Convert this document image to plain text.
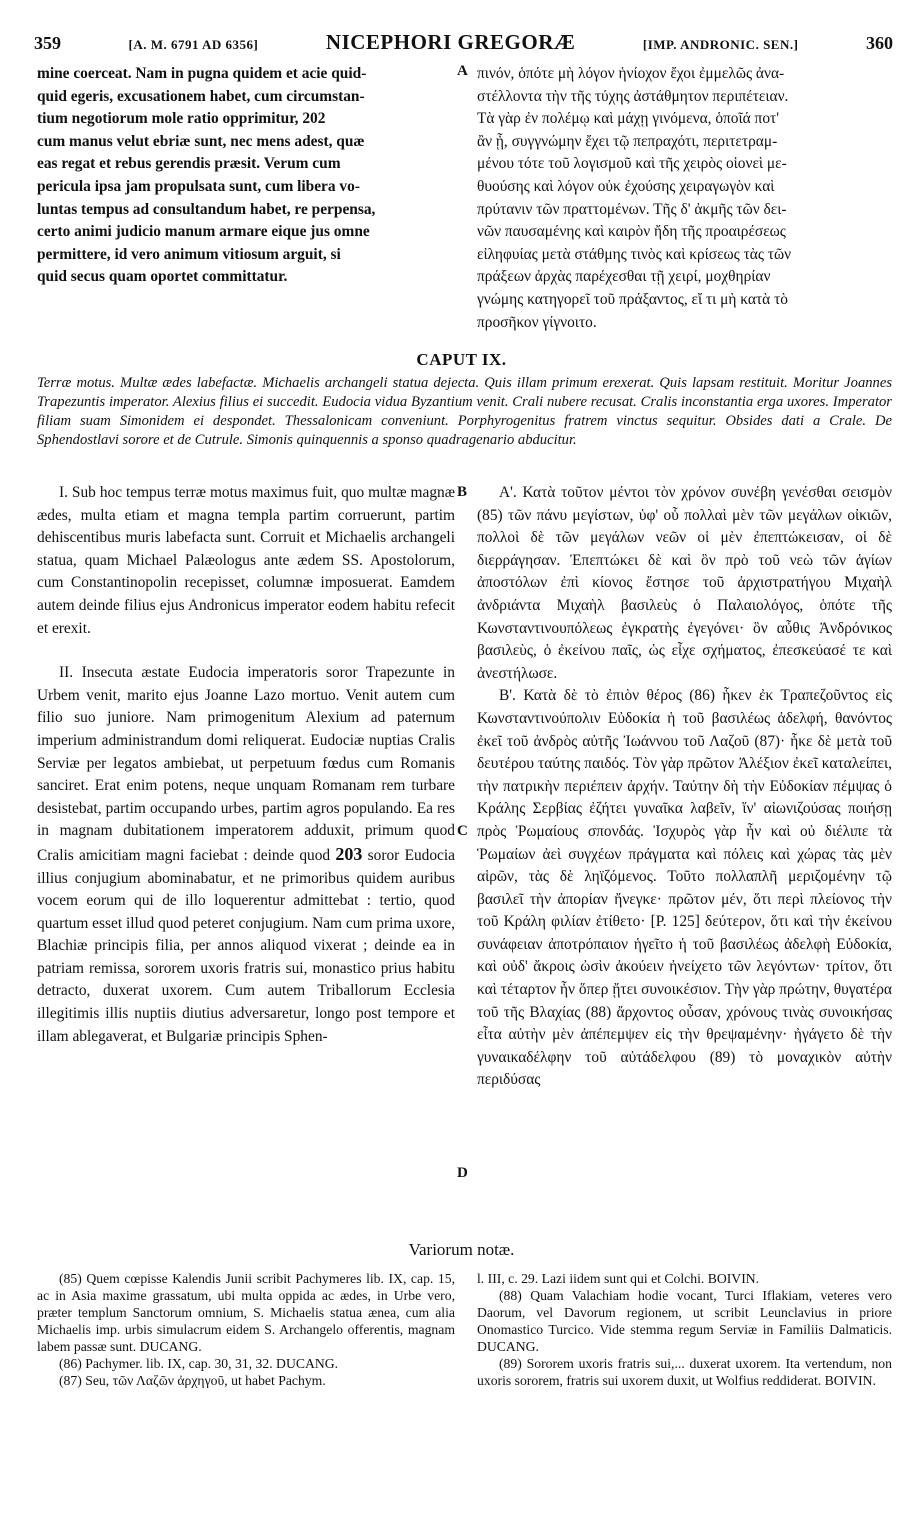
359	[A. M. 6791 AD 6356]	NICEPHORI GREGORÆ	[IMP. ANDRONIC. SEN.]	360
mine coerceat. Nam in pugna quidem et acie quid-
quid egeris, excusationem habet, cum circumstan-
tium negotiorum mole ratio opprimitur, 202
cum manus velut ebriæ sunt, nec mens adest, quæ
eas regat et rebus gerendis præsit. Verum cum
pericula ipsa jam propulsata sunt, cum libera vo-
luntas tempus ad consultandum habet, re perpensa,
certo animi judicio manum armare eique jus omne
permittere, id vero animum vitiosum arguit, si
quid secus quam oportet committatur.
A πινόν, ὁπότε μὴ λόγον ἡνίοχον ἔχοι ἐμμελῶς ἀνα-
στέλλοντα τὴν τῆς τύχης ἀστάθμητον περιπέτειαν.
Τὰ γὰρ ἐν πολέμῳ καὶ μάχῃ γινόμενα, ὁποῖά ποτ'
ἂν ᾖ, συγγνώμην ἔχει τῷ πεπραχότι, περιτετραμ-
μένου τότε τοῦ λογισμοῦ καὶ τῆς χειρὸς οἱονεὶ με-
θυούσης καὶ λόγον οὐκ ἐχούσης χειραγωγὸν καὶ
πρύτανιν τῶν πραττομένων. Τῆς δ' ἀκμῆς τῶν δει-
νῶν παυσαμένης καὶ καιρὸν ἤδη τῆς προαιρέσεως
εἰληφυίας μετὰ στάθμης τινὸς καὶ κρίσεως τὰς τῶν
πράξεων ἀρχὰς παρέχεσθαι τῇ χειρί, μοχθηρίαν
γνώμης κατηγορεῖ τοῦ πράξαντος, εἴ τι μὴ κατὰ τὸ
προσῆκον γίγνοιτο.
CAPUT IX.
Terræ motus. Multæ ædes labefactæ. Michaelis archangeli statua dejecta. Quis illam primum erexerat. Quis lapsam restituit. Moritur Joannes Trapezuntis imperator. Alexius filius ei succedit. Eudocia vidua Byzantium venit. Crali nubere recusat. Cralis inconstantia erga uxores. Imperator filiam suam Simonidem ei despondet. Thessalonicam conveniunt. Porphyrogenitus fratrem vinctus sequitur. Obsides dati a Crale. De Sphendostlavi sorore et de Cutrule. Simonis quinquennis a sponso quadragenario abducitur.

I. Sub hoc tempus terræ motus maximus fuit, quo multæ magnæ ædes, multa etiam et magna templa partim corruerunt, partim dehiscentibus muris labefacta sunt. Corruit et Michaelis archangeli statua, quam Michael Palæologus ante ædem SS. Apostolorum, cum Constantinopolin recepisset, columnæ imposuerat. Eamdem autem deinde filius ejus Andronicus imperator eodem habitu refecit et erexit.

II. Insecuta æstate Eudocia imperatoris soror Trapezunte in Urbem venit, marito ejus Joanne Lazo mortuo. Venit autem cum filio suo juniore. Nam primogenitum Alexium ad paternum imperium administrandum domi reliquerat. Eudociæ nuptias Cralis Serviæ per legatos ambiebat, ut perpetuum fœdus cum Romanis sanciret. Erat enim potens, neque unquam Romanam rem turbare desistebat, partim occupando urbes, partim agros populando. Ea res in magnam dubitationem imperatorem adduxit, primum quod Cralis amicitiam magni faciebat : deinde quod 203 soror Eudocia illius conjugium abominabatur, et ne primoribus quidem auribus vocem eorum qui de illo loquerentur admittebat : tertio, quod quartum esset illud quod peteret conjugium. Nam cum prima uxore, Blachiæ principis filia, per annos aliquod vixerat ; deinde ea in patriam remissa, sororem uxoris fratris sui, monastico prius habitu detracto, duxerat uxorem. Cum autem Triballorum Ecclesia illegitimis illis nuptiis diutius adversaretur, longo post tempore et illam ablegaverat, et Bulgariæ principis Sphen-

B
C
D

Α'. Κατὰ τοῦτον μέντοι τὸν χρόνον συνέβη γενέσθαι σεισμὸν (85) τῶν πάνυ μεγίστων, ὑφ' οὗ πολλαὶ μὲν τῶν μεγάλων οἰκιῶν, πολλοὶ δὲ τῶν μεγάλων νεῶν οἱ μὲν ἐπεπτώκεισαν, οἱ δὲ διερράγησαν. Ἐπεπτώκει δὲ καὶ ὃν πρὸ τοῦ νεὼ τῶν ἁγίων ἀποστόλων ἐπὶ κίονος ἔστησε τοῦ ἀρχιστρατήγου Μιχαὴλ ἀνδριάντα Μιχαὴλ βασιλεὺς ὁ Παλαιολόγος, ὁπότε τῆς Κωνσταντινουπόλεως ἐγκρατὴς ἐγεγόνει· ὃν αὖθις Ἀνδρόνικος βασιλεὺς, ὁ ἐκείνου παῖς, ὡς εἶχε σχήματος, ἐπεσκεύασέ τε καὶ ἀνεστήλωσε.

Β'. Κατὰ δὲ τὸ ἐπιὸν θέρος (86) ἧκεν ἐκ Τραπεζοῦντος εἰς Κωνσταντινούπολιν Εὐδοκία ἡ τοῦ βασιλέως ἀδελφή, θανόντος ἐκεῖ τοῦ ἀνδρὸς αὐτῆς Ἰωάννου τοῦ Λαζοῦ (87)· ἧκε δὲ μετὰ τοῦ δευτέρου ταύτης παιδός. Τὸν γὰρ πρῶτον Ἀλέξιον ἐκεῖ καταλείπει, τὴν πατρικὴν περιέπειν ἀρχήν. Ταύτην δὴ τὴν Εὐδοκίαν πέμψας ὁ Κράλης Σερβίας ἐζήτει γυναῖκα λαβεῖν, ἵν' αἰωνιζούσας ποιήσῃ πρὸς Ῥωμαίους σπονδάς. Ἰσχυρὸς γὰρ ἦν καὶ οὐ διέλιπε τὰ Ῥωμαίων ἀεὶ συγχέων πράγματα καὶ πόλεις καὶ χώρας τὰς μὲν αἱρῶν, τὰς δὲ ληϊζόμενος. Τοῦτο πολλαπλῆ μεριζομένην τῷ βασιλεῖ τὴν ἀπορίαν ἤνεγκε· πρῶτον μέν, ὅτι περὶ πλείονος τὴν τοῦ Κράλη φιλίαν ἐτίθετο· [P. 125] δεύτερον, ὅτι καὶ τὴν ἐκείνου συνάφειαν ἀποτρόπαιον ἡγεῖτο ἡ τοῦ βασιλέως ἀδελφὴ Εὐδοκία, καὶ οὐδ' ἄκροις ὠσὶν ἀκούειν ἠνείχετο τῶν λεγόντων· τρίτον, ὅτι καὶ τέταρτον ἦν ὅπερ ᾔτει συνοικέσιον. Τὴν γὰρ πρώτην, θυγατέρα τοῦ τῆς Βλαχίας (88) ἄρχοντος οὖσαν, χρόνους τινὰς συνοικήσας εἶτα αὐτὴν μὲν ἀπέπεμψεν εἰς τὴν θρεψαμένην· ἠγάγετο δὲ τὴν γυναικαδέλφην τοῦ αὐτάδελφου (89) τὸ μοναχικὸν αὐτὴν περιδύσας

Variorum notæ.

(85) Quem cœpisse Kalendis Junii scribit Pachymeres lib. IX, cap. 15, ac in Asia maxime grassatum, ubi multa oppida ac ædes, in Urbe vero, præter templum Sanctorum omnium, S. Michaelis statua ænea, cum alia Michaelis imp. urbis simulacrum eidem S. Archangelo offerentis, magnam labem passæ sunt. DUCANG.

(86) Pachymer. lib. IX, cap. 30, 31, 32. DUCANG.

(87) Seu, τῶν Λαζῶν ἀρχηγοῦ, ut habet Pachym.

l. III, c. 29. Lazi iidem sunt qui et Colchi. BOIVIN.

(88) Quam Valachiam hodie vocant, Turci Iflakiam, veteres vero Daorum, vel Davorum regionem, ut scribit Leunclavius in priore Onomastico Turcico. Vide stemma regum Serviæ in Familiis Dalmaticis. DUCANG.

(89) Sororem uxoris fratris sui,... duxerat uxorem. Ita vertendum, non uxoris sororem, fratris sui uxorem duxit, ut Wolfius reddiderat. BOIVIN.
